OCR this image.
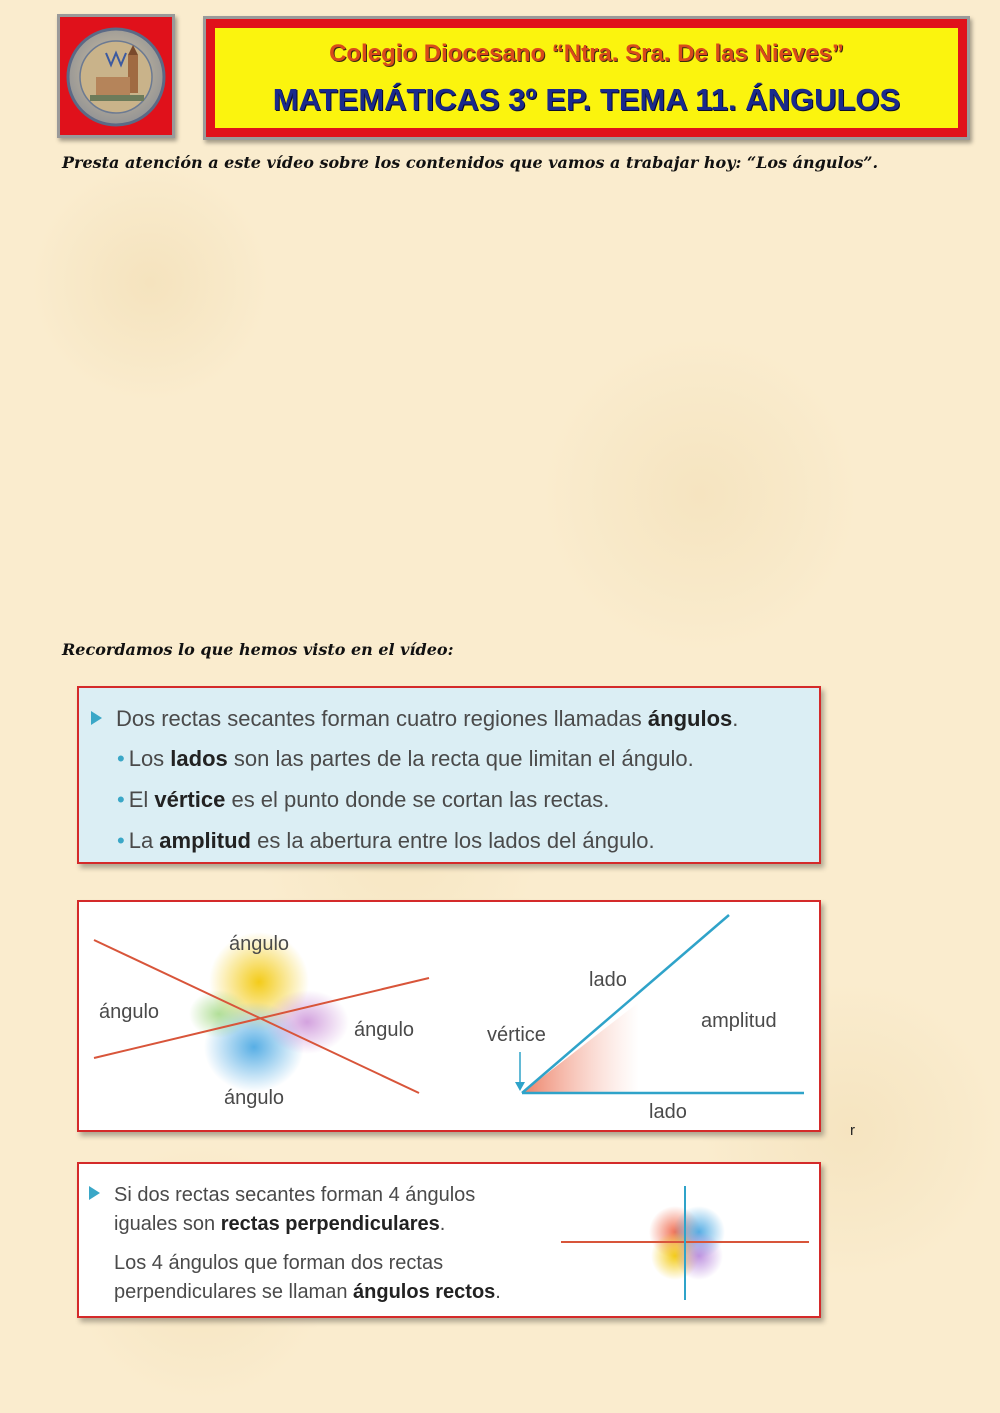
Colegio Diocesano “Ntra. Sra. De las Nieves”
MATEMÁTICAS 3º EP. TEMA 11. ÁNGULOS
Presta atención a este vídeo sobre los contenidos que vamos a trabajar hoy: “Los ángulos”.
Recordamos lo que hemos visto en el vídeo:
Dos rectas secantes forman cuatro regiones llamadas ángulos.
• Los lados son las partes de la recta que limitan el ángulo.
• El vértice es el punto donde se cortan las rectas.
• La amplitud es la abertura entre los lados del ángulo.
ángulo
ángulo
ángulo
ángulo
lado
vértice
amplitud
lado
r
Si dos rectas secantes forman 4 ángulos
iguales son rectas perpendiculares.
Los 4 ángulos que forman dos rectas
perpendiculares se llaman ángulos rectos.
